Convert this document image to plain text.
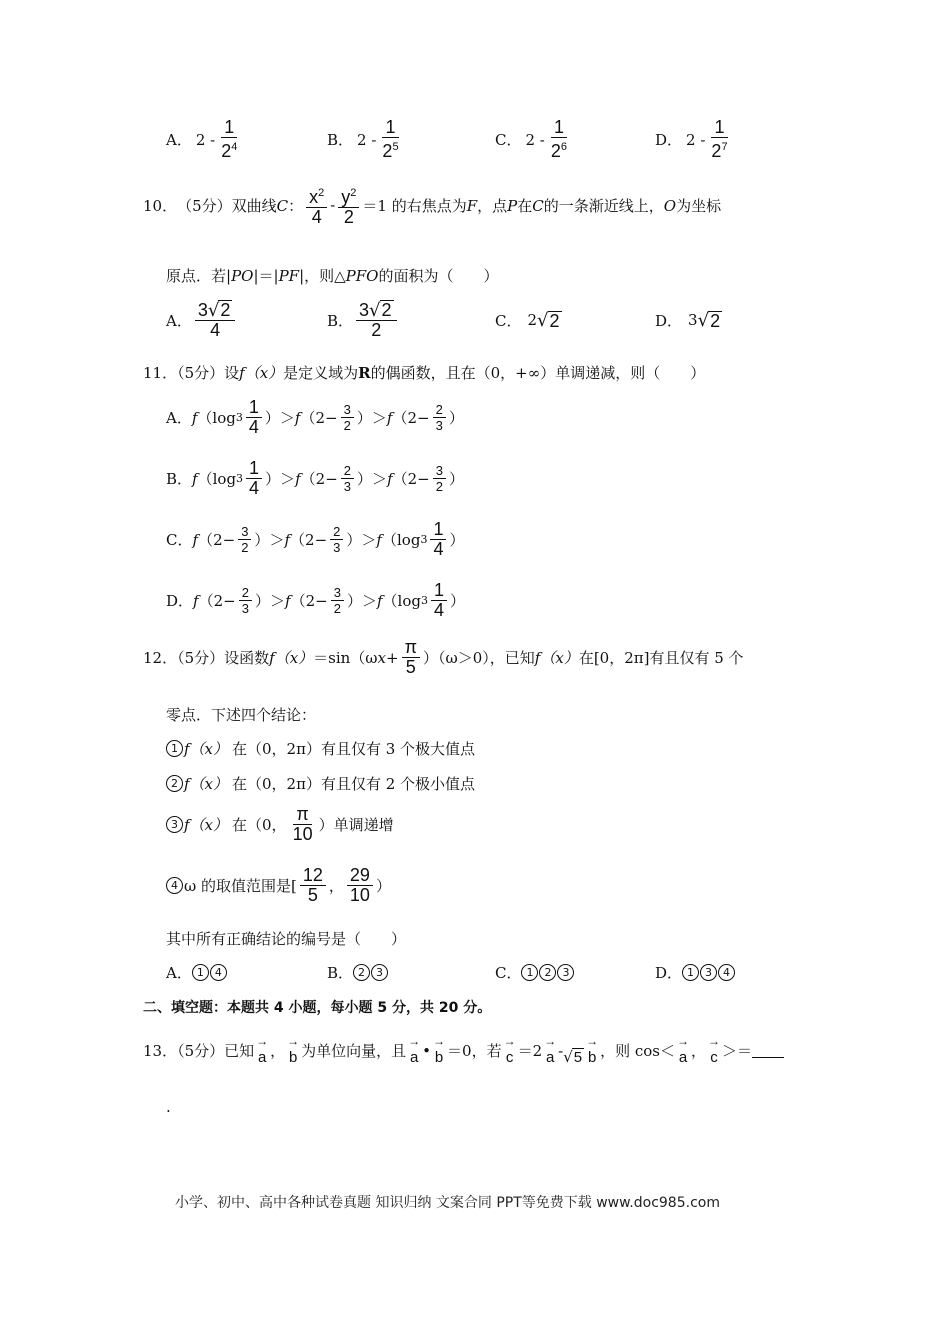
A． $2 - \frac{1}{2^4}$	B． $2 - \frac{1}{2^5}$	C． $2 - \frac{1}{2^6}$	D． $2 - \frac{1}{2^7}$
10． （5分）双曲线 C ： $\frac{x^2}{4} - \frac{y^2}{2} =1$ 的右焦点为 F ，点 P 在 C 的一条渐近线上， O 为坐标
原点．若| PO |＝| PF |，则△ PFO 的面积为（　　）
A． $\frac{3√2}{4}$	B． $\frac{3√2}{2}$	C． 2 √ 2	D． 3 √ 2
11．（5分）设 f（x） 是定义域为 R 的偶函数，且在（0，+∞）单调递减，则（　　）
A． f （ $\log 3 \frac{1}{4}$ ） ＞ f （ $2- \frac{3}{2}$ ） ＞ f （ $2- \frac{2}{3}$ ）
B． f （ $\log 3 \frac{1}{4}$ ） ＞ f （ $2- \frac{2}{3}$ ） ＞ f （ $2- \frac{3}{2}$ ）
C． f （ $2- \frac{3}{2}$ ） ＞ f （ $2- \frac{2}{3}$ ） ＞ f （ $\log 3 \frac{1}{4}$ ）
D． f （ $2- \frac{2}{3}$ ） ＞ f （ $2- \frac{3}{2}$ ） ＞ f （ $\log 3 \frac{1}{4}$ ）
12．（5分）设函数 f（x） ＝sin（ω $x + \frac{\pi}{5} )(\omega>0)$，已知 f（x） 在[0，2π]有且仅有 5 个
零点．下述四个结论：
1 f（x） 在（0，2π）有且仅有 3 个极大值点
2 f（x） 在（0，2π）有且仅有 2 个极小值点
3 f（x） 在（0， $\frac{\pi}{10}$ ）单调递增
4 ω 的取值范围是[ $\frac{12}{5}$ ， $\frac{29}{10}$ ）
其中所有正确结论的编号是（　　）
A． 1	4	B． 2	3	C． 1	2	3	D． 1	3	4
二、填空题：本题共 4 小题，每小题 5 分，共 20 分。
13．（5分）已知
→
a ，
→
b 为单位向量，且
→
a •
→
b ＝0，若
→
c ＝2
→
a - √5
→
b ，则 cos＜
→
a ，
→
c ＞＝
.
小学、初中、高中各种试卷真题 知识归纳 文案合同 PPT等免费下载 www.doc985.com
